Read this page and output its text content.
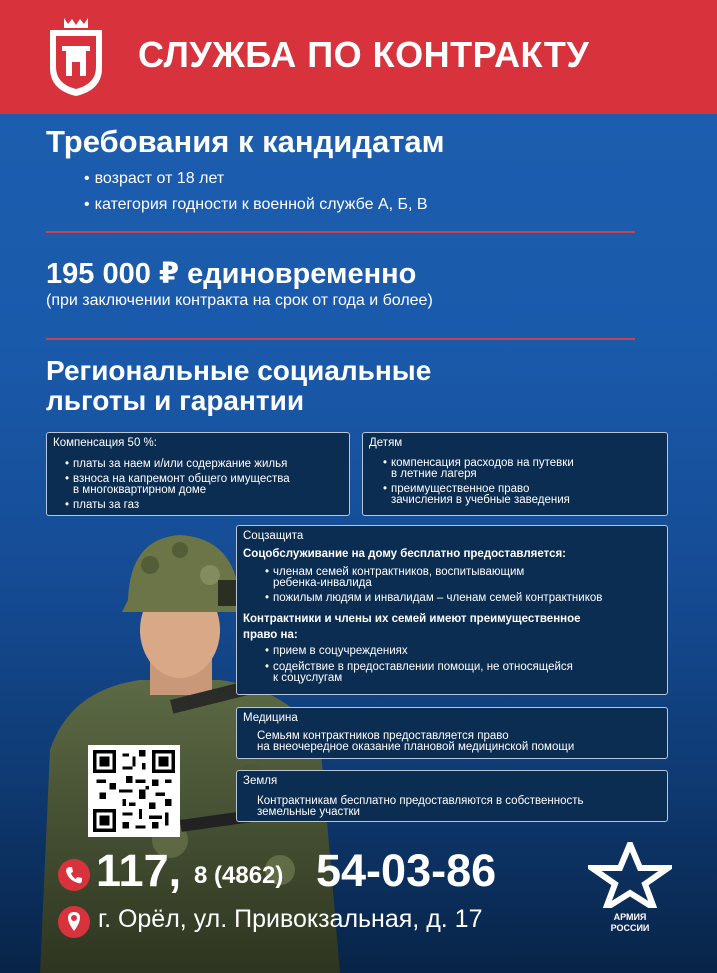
СЛУЖБА ПО КОНТРАКТУ
Требования к кандидатам
• возраст от 18 лет
• категория годности к военной службе А, Б, В
195 000 ₽ единовременно
(при заключении контракта на срок от года и более)
Региональные социальные
льготы и гарантии
Компенсация 50 %:
• платы за наем и/или содержание жилья
• взноса на капремонт общего имущества
в многоквартирном доме
• платы за газ
Детям
• компенсация расходов на путевки
в летние лагеря
• преимущественное право
зачисления в учебные заведения
Соцзащита
Соцобслуживание на дому бесплатно предоставляется:
• членам семей контрактников, воспитывающим
ребенка-инвалида
• пожилым людям и инвалидам – членам семей контрактников
Контрактники и члены их семей имеют преимущественное
право на:
• прием в соцучреждениях
• содействие в предоставлении помощи, не относящейся
к соцуслугам
Медицина
Семьям контрактников предоставляется право
на внеочередное оказание плановой медицинской помощи
Земля
Контрактникам бесплатно предоставляются в собственность
земельные участки
117, 8 (4862) 54-03-86
г. Орёл, ул. Привокзальная, д. 17	АРМИЯ
РОССИИ
